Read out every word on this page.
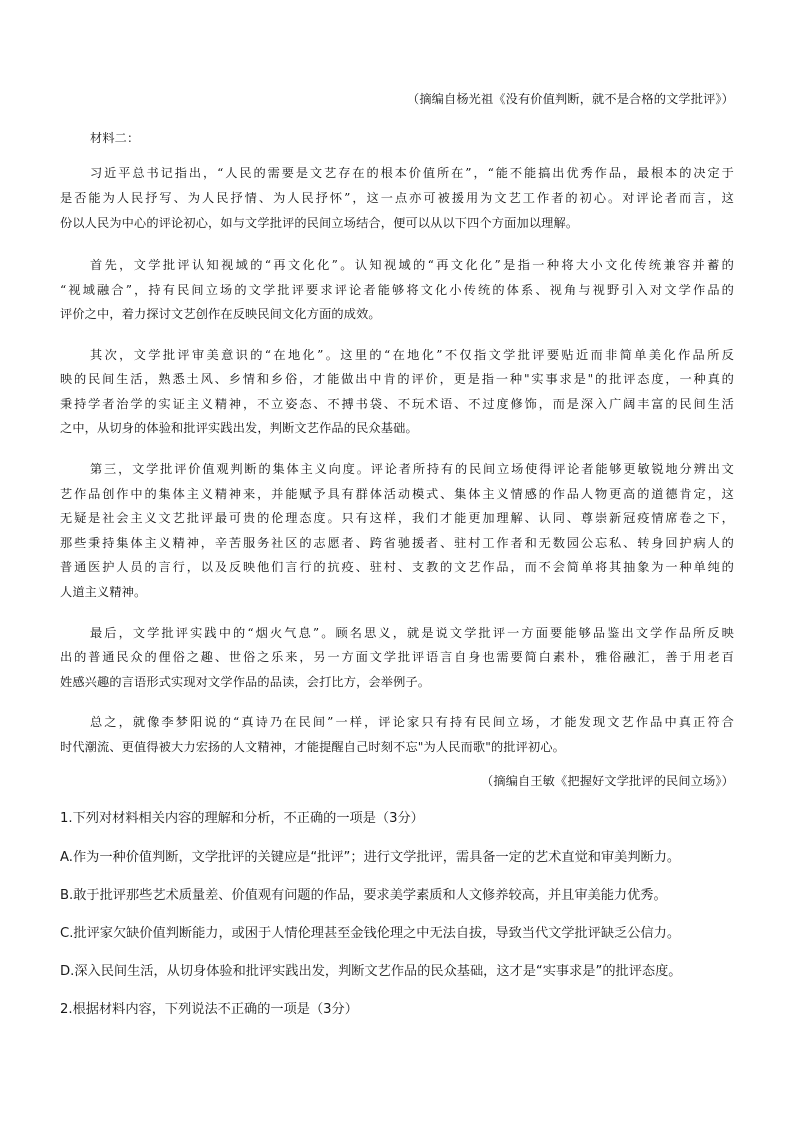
（摘编自杨光祖《没有价值判断，就不是合格的文学批评》）
材料二：
习近平总书记指出，“人民的需要是文艺存在的根本价值所在”，“能不能搞出优秀作品，最根本的决定于
是否能为人民抒写、为人民抒情、为人民抒怀”，这一点亦可被援用为文艺工作者的初心。对评论者而言，这
份以人民为中心的评论初心，如与文学批评的民间立场结合，便可以从以下四个方面加以理解。
首先，文学批评认知视域的“再文化化”。认知视域的“再文化化”是指一种将大小文化传统兼容并蓄的
“视域融合”，持有民间立场的文学批评要求评论者能够将文化小传统的体系、视角与视野引入对文学作品的
评价之中，着力探讨文艺创作在反映民间文化方面的成效。
其次，文学批评审美意识的“在地化”。这里的“在地化”不仅指文学批评要贴近而非简单美化作品所反
映的民间生活，熟悉土风、乡情和乡俗，才能做出中肯的评价，更是指一种"实事求是"的批评态度，一种真的
秉持学者治学的实证主义精神，不立姿态、不搏书袋、不玩术语、不过度修饰，而是深入广阔丰富的民间生活
之中，从切身的体验和批评实践出发，判断文艺作品的民众基础。
第三，文学批评价值观判断的集体主义向度。评论者所持有的民间立场使得评论者能够更敏锐地分辨出文
艺作品创作中的集体主义精神来，并能赋予具有群体活动模式、集体主义情感的作品人物更高的道德肯定，这
无疑是社会主义文艺批评最可贵的伦理态度。只有这样，我们才能更加理解、认同、尊崇新冠疫情席卷之下，
那些秉持集体主义精神，辛苦服务社区的志愿者、跨省驰援者、驻村工作者和无数园公忘私、转身回护病人的
普通医护人员的言行，以及反映他们言行的抗疫、驻村、支教的文艺作品，而不会简单将其抽象为一种单纯的
人道主义精神。
最后，文学批评实践中的“烟火气息”。顾名思义，就是说文学批评一方面要能够品鉴出文学作品所反映
出的普通民众的俚俗之趣、世俗之乐来，另一方面文学批评语言自身也需要简白素朴，雅俗融汇，善于用老百
姓感兴趣的言语形式实现对文学作品的品读，会打比方，会举例子。
总之，就像李梦阳说的“真诗乃在民间”一样，评论家只有持有民间立场，才能发现文艺作品中真正符合
时代潮流、更值得被大力宏扬的人文精神，才能提醒自己时刻不忘"为人民而歌"的批评初心。
（摘编自王敏《把握好文学批评的民间立场》）
1.下列对材料相关内容的理解和分析，不正确的一项是（3分）
A.作为一种价值判断，文学批评的关键应是“批评”；进行文学批评，需具备一定的艺术直觉和审美判断力。
B.敢于批评那些艺术质量差、价值观有问题的作品，要求美学素质和人文修养较高，并且审美能力优秀。
C.批评家欠缺价值判断能力，或困于人情伦理甚至金钱伦理之中无法自拔，导致当代文学批评缺乏公信力。
D.深入民间生活，从切身体验和批评实践出发，判断文艺作品的民众基础，这才是“实事求是”的批评态度。
2.根据材料内容，下列说法不正确的一项是（3分）
